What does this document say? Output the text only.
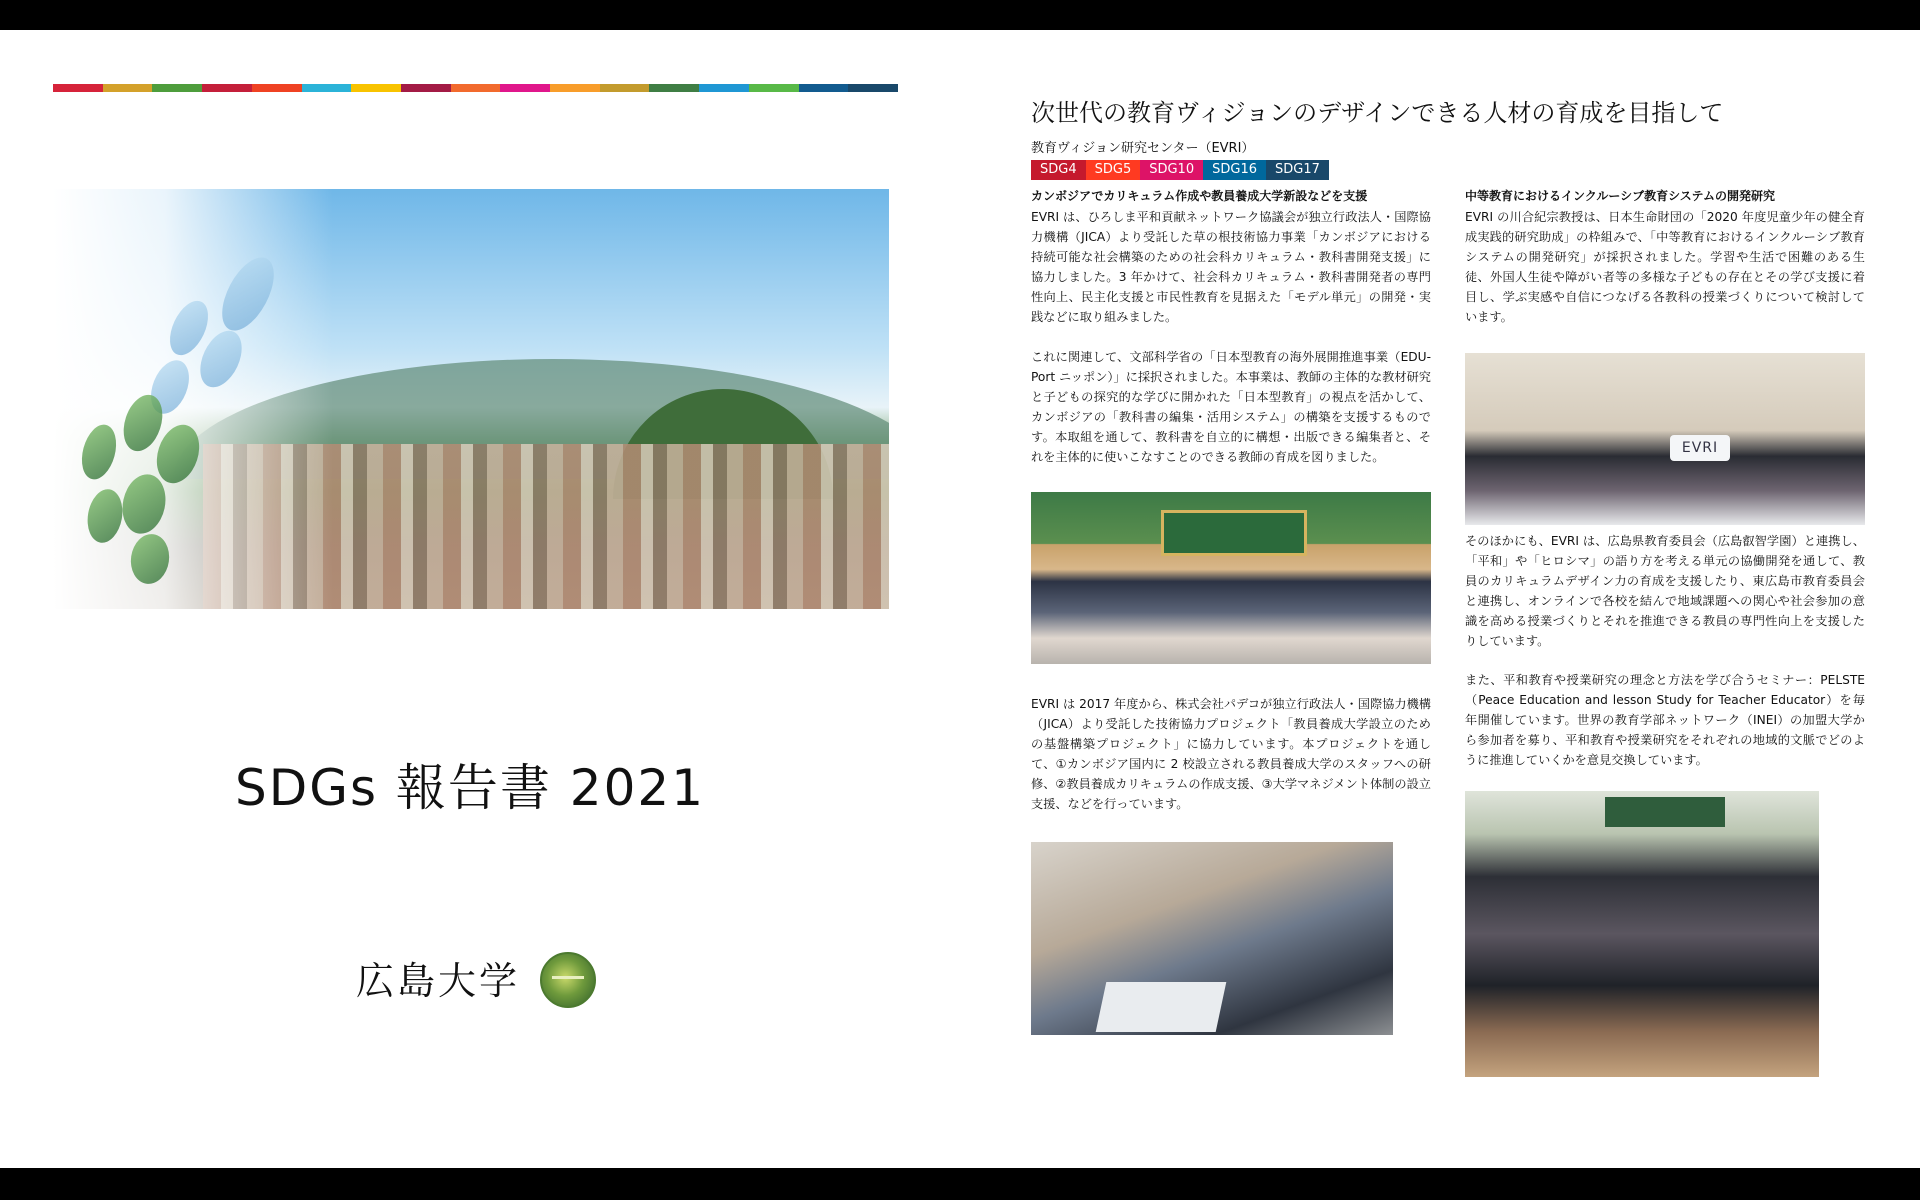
SDGs 報告書 2021
広島大学
次世代の教育ヴィジョンのデザインできる人材の育成を目指して
教育ヴィジョン研究センター（EVRI）
SDG4	SDG5	SDG10	SDG16	SDG17
カンボジアでカリキュラム作成や教員養成大学新設などを支援

EVRI は、ひろしま平和貢献ネットワーク協議会が独立行政法人・国際協力機構（JICA）より受託した草の根技術協力事業「カンボジアにおける持続可能な社会構築のための社会科カリキュラム・教科書開発支援」に協力しました。3 年かけて、社会科カリキュラム・教科書開発者の専門性向上、民主化支援と市民性教育を見据えた「モデル単元」の開発・実践などに取り組みました。

これに関連して、文部科学省の「日本型教育の海外展開推進事業（EDU-Port ニッポン）」に採択されました。本事業は、教師の主体的な教材研究と子どもの探究的な学びに開かれた「日本型教育」の視点を活かして、カンボジアの「教科書の編集・活用システム」の構築を支援するものです。本取組を通して、教科書を自立的に構想・出版できる編集者と、それを主体的に使いこなすことのできる教師の育成を図りました。

EVRI は 2017 年度から、株式会社パデコが独立行政法人・国際協力機構（JICA）より受託した技術協力プロジェクト「教員養成大学設立のための基盤構築プロジェクト」に協力しています。本プロジェクトを通して、①カンボジア国内に 2 校設立される教員養成大学のスタッフへの研修、②教員養成カリキュラムの作成支援、③大学マネジメント体制の設立支援、などを行っています。

中等教育におけるインクルーシブ教育システムの開発研究

EVRI の川合紀宗教授は、日本生命財団の「2020 年度児童少年の健全育成実践的研究助成」の枠組みで、「中等教育におけるインクルーシブ教育システムの開発研究」が採択されました。学習や生活で困難のある生徒、外国人生徒や障がい者等の多様な子どもの存在とその学び支援に着目し、学ぶ実感や自信につなげる各教科の授業づくりについて検討しています。

EVRI

そのほかにも、EVRI は、広島県教育委員会（広島叡智学園）と連携し、「平和」や「ヒロシマ」の語り方を考える単元の協働開発を通して、教員のカリキュラムデザイン力の育成を支援したり、東広島市教育委員会と連携し、オンラインで各校を結んで地域課題への関心や社会参加の意識を高める授業づくりとそれを推進できる教員の専門性向上を支援したりしています。

また、平和教育や授業研究の理念と方法を学び合うセミナー：PELSTE（Peace Education and lesson Study for Teacher Educator）を毎年開催しています。世界の教育学部ネットワーク（INEI）の加盟大学から参加者を募り、平和教育や授業研究をそれぞれの地域的文脈でどのように推進していくかを意見交換しています。
